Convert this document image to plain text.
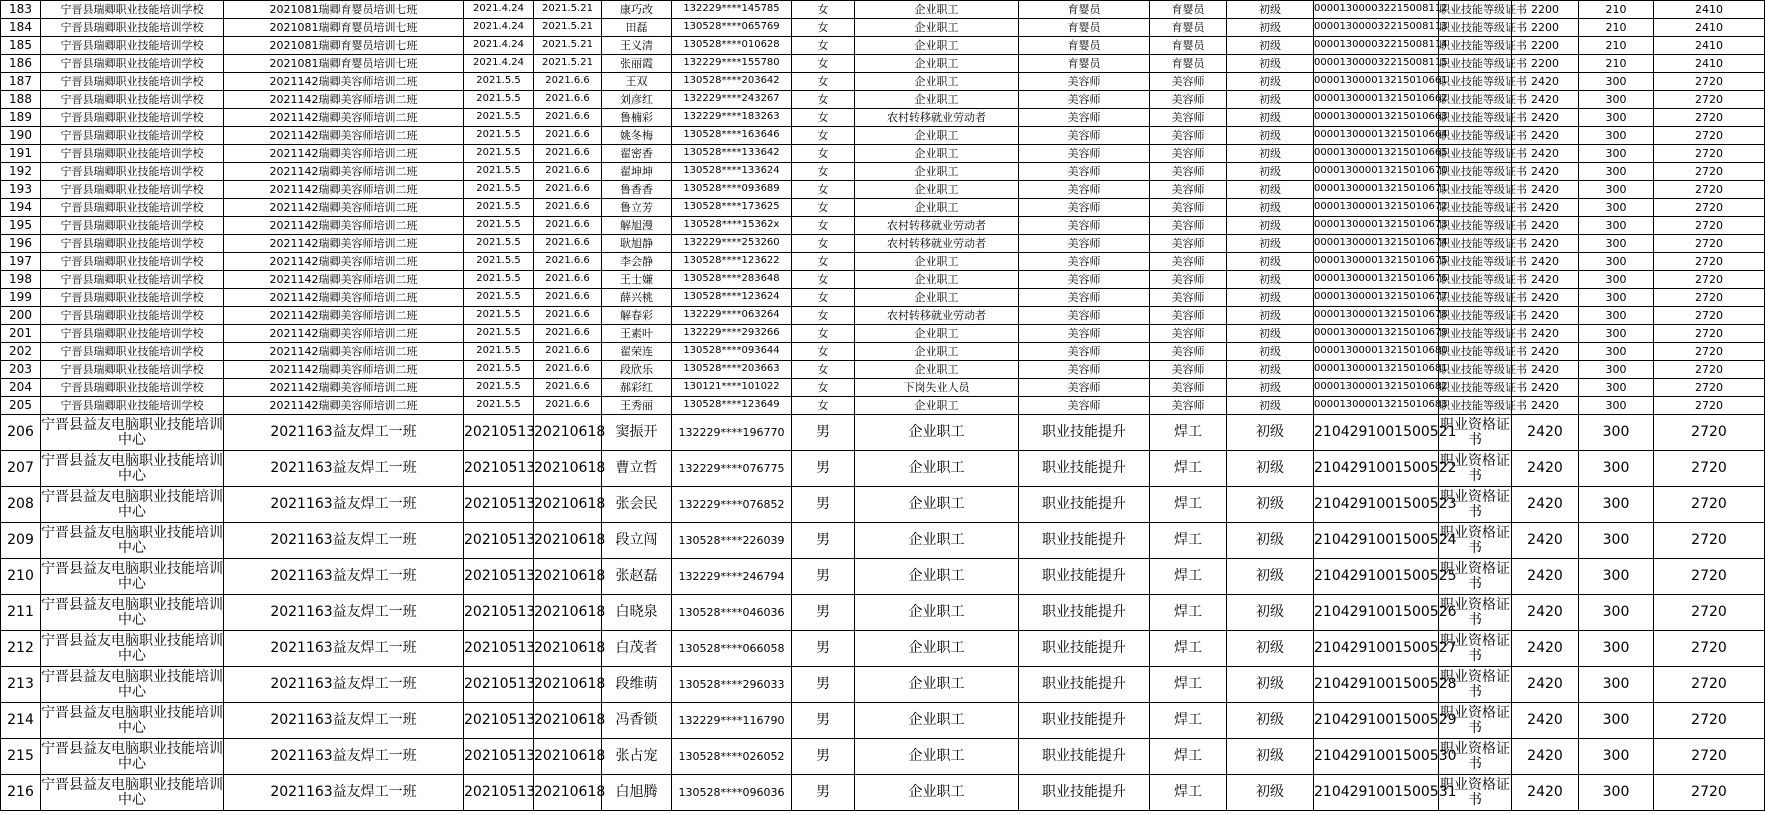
183	宁晋县瑞卿职业技能培训学校	2021081瑞卿育婴员培训七班	2021.4.24	2021.5.21	康巧改	132229****145785	女	企业职工	育婴员	育婴员	初级	000013000032215008112	职业技能等级证书	2200	210	2410
184	宁晋县瑞卿职业技能培训学校	2021081瑞卿育婴员培训七班	2021.4.24	2021.5.21	田磊	130528****065769	女	企业职工	育婴员	育婴员	初级	000013000032215008113	职业技能等级证书	2200	210	2410
185	宁晋县瑞卿职业技能培训学校	2021081瑞卿育婴员培训七班	2021.4.24	2021.5.21	王义清	130528****010628	女	企业职工	育婴员	育婴员	初级	000013000032215008114	职业技能等级证书	2200	210	2410
186	宁晋县瑞卿职业技能培训学校	2021081瑞卿育婴员培训七班	2021.4.24	2021.5.21	张丽霞	132229****155780	女	企业职工	育婴员	育婴员	初级	000013000032215008115	职业技能等级证书	2200	210	2410
187	宁晋县瑞卿职业技能培训学校	2021142瑞卿美容师培训二班	2021.5.5	2021.6.6	王双	130528****203642	女	企业职工	美容师	美容师	初级	000013000013215010661	职业技能等级证书	2420	300	2720
188	宁晋县瑞卿职业技能培训学校	2021142瑞卿美容师培训二班	2021.5.5	2021.6.6	刘彦红	132229****243267	女	企业职工	美容师	美容师	初级	000013000013215010662	职业技能等级证书	2420	300	2720
189	宁晋县瑞卿职业技能培训学校	2021142瑞卿美容师培训二班	2021.5.5	2021.6.6	鲁楠彩	132229****183263	女	农村转移就业劳动者	美容师	美容师	初级	000013000013215010663	职业技能等级证书	2420	300	2720
190	宁晋县瑞卿职业技能培训学校	2021142瑞卿美容师培训二班	2021.5.5	2021.6.6	姚冬梅	130528****163646	女	企业职工	美容师	美容师	初级	000013000013215010664	职业技能等级证书	2420	300	2720
191	宁晋县瑞卿职业技能培训学校	2021142瑞卿美容师培训二班	2021.5.5	2021.6.6	翟密香	130528****133642	女	企业职工	美容师	美容师	初级	000013000013215010665	职业技能等级证书	2420	300	2720
192	宁晋县瑞卿职业技能培训学校	2021142瑞卿美容师培训二班	2021.5.5	2021.6.6	翟坤坤	130528****133624	女	企业职工	美容师	美容师	初级	000013000013215010670	职业技能等级证书	2420	300	2720
193	宁晋县瑞卿职业技能培训学校	2021142瑞卿美容师培训二班	2021.5.5	2021.6.6	鲁香香	130528****093689	女	企业职工	美容师	美容师	初级	000013000013215010671	职业技能等级证书	2420	300	2720
194	宁晋县瑞卿职业技能培训学校	2021142瑞卿美容师培训二班	2021.5.5	2021.6.6	鲁立芳	130528****173625	女	企业职工	美容师	美容师	初级	000013000013215010672	职业技能等级证书	2420	300	2720
195	宁晋县瑞卿职业技能培训学校	2021142瑞卿美容师培训二班	2021.5.5	2021.6.6	解旭漫	130528****15362x	女	农村转移就业劳动者	美容师	美容师	初级	000013000013215010673	职业技能等级证书	2420	300	2720
196	宁晋县瑞卿职业技能培训学校	2021142瑞卿美容师培训二班	2021.5.5	2021.6.6	耿旭静	132229****253260	女	农村转移就业劳动者	美容师	美容师	初级	000013000013215010674	职业技能等级证书	2420	300	2720
197	宁晋县瑞卿职业技能培训学校	2021142瑞卿美容师培训二班	2021.5.5	2021.6.6	李会静	130528****123622	女	企业职工	美容师	美容师	初级	000013000013215010675	职业技能等级证书	2420	300	2720
198	宁晋县瑞卿职业技能培训学校	2021142瑞卿美容师培训二班	2021.5.5	2021.6.6	王士嫌	130528****283648	女	企业职工	美容师	美容师	初级	000013000013215010676	职业技能等级证书	2420	300	2720
199	宁晋县瑞卿职业技能培训学校	2021142瑞卿美容师培训二班	2021.5.5	2021.6.6	薛兴桃	130528****123624	女	企业职工	美容师	美容师	初级	000013000013215010677	职业技能等级证书	2420	300	2720
200	宁晋县瑞卿职业技能培训学校	2021142瑞卿美容师培训二班	2021.5.5	2021.6.6	解春彩	132229****063264	女	农村转移就业劳动者	美容师	美容师	初级	000013000013215010678	职业技能等级证书	2420	300	2720
201	宁晋县瑞卿职业技能培训学校	2021142瑞卿美容师培训二班	2021.5.5	2021.6.6	王素叶	132229****293266	女	企业职工	美容师	美容师	初级	000013000013215010679	职业技能等级证书	2420	300	2720
202	宁晋县瑞卿职业技能培训学校	2021142瑞卿美容师培训二班	2021.5.5	2021.6.6	翟荣连	130528****093644	女	企业职工	美容师	美容师	初级	000013000013215010680	职业技能等级证书	2420	300	2720
203	宁晋县瑞卿职业技能培训学校	2021142瑞卿美容师培训二班	2021.5.5	2021.6.6	段欣乐	130528****203663	女	企业职工	美容师	美容师	初级	000013000013215010681	职业技能等级证书	2420	300	2720
204	宁晋县瑞卿职业技能培训学校	2021142瑞卿美容师培训二班	2021.5.5	2021.6.6	郝彩红	130121****101022	女	下岗失业人员	美容师	美容师	初级	000013000013215010682	职业技能等级证书	2420	300	2720
205	宁晋县瑞卿职业技能培训学校	2021142瑞卿美容师培训二班	2021.5.5	2021.6.6	王秀丽	130528****123649	女	企业职工	美容师	美容师	初级	000013000013215010683	职业技能等级证书	2420	300	2720
206	宁晋县益友电脑职业技能培训中心	2021163益友焊工一班	20210513	20210618	窦振开	132229****196770	男	企业职工	职业技能提升	焊工	初级	2104291001500521	职业资格证书	2420	300	2720
207	宁晋县益友电脑职业技能培训中心	2021163益友焊工一班	20210513	20210618	曹立哲	132229****076775	男	企业职工	职业技能提升	焊工	初级	2104291001500522	职业资格证书	2420	300	2720
208	宁晋县益友电脑职业技能培训中心	2021163益友焊工一班	20210513	20210618	张会民	132229****076852	男	企业职工	职业技能提升	焊工	初级	2104291001500523	职业资格证书	2420	300	2720
209	宁晋县益友电脑职业技能培训中心	2021163益友焊工一班	20210513	20210618	段立闯	130528****226039	男	企业职工	职业技能提升	焊工	初级	2104291001500524	职业资格证书	2420	300	2720
210	宁晋县益友电脑职业技能培训中心	2021163益友焊工一班	20210513	20210618	张赵磊	132229****246794	男	企业职工	职业技能提升	焊工	初级	2104291001500525	职业资格证书	2420	300	2720
211	宁晋县益友电脑职业技能培训中心	2021163益友焊工一班	20210513	20210618	白晓泉	130528****046036	男	企业职工	职业技能提升	焊工	初级	2104291001500526	职业资格证书	2420	300	2720
212	宁晋县益友电脑职业技能培训中心	2021163益友焊工一班	20210513	20210618	白茂者	130528****066058	男	企业职工	职业技能提升	焊工	初级	2104291001500527	职业资格证书	2420	300	2720
213	宁晋县益友电脑职业技能培训中心	2021163益友焊工一班	20210513	20210618	段维萌	130528****296033	男	企业职工	职业技能提升	焊工	初级	2104291001500528	职业资格证书	2420	300	2720
214	宁晋县益友电脑职业技能培训中心	2021163益友焊工一班	20210513	20210618	冯香锁	132229****116790	男	企业职工	职业技能提升	焊工	初级	2104291001500529	职业资格证书	2420	300	2720
215	宁晋县益友电脑职业技能培训中心	2021163益友焊工一班	20210513	20210618	张占宠	130528****026052	男	企业职工	职业技能提升	焊工	初级	2104291001500530	职业资格证书	2420	300	2720
216	宁晋县益友电脑职业技能培训中心	2021163益友焊工一班	20210513	20210618	白旭腾	130528****096036	男	企业职工	职业技能提升	焊工	初级	2104291001500531	职业资格证书	2420	300	2720
